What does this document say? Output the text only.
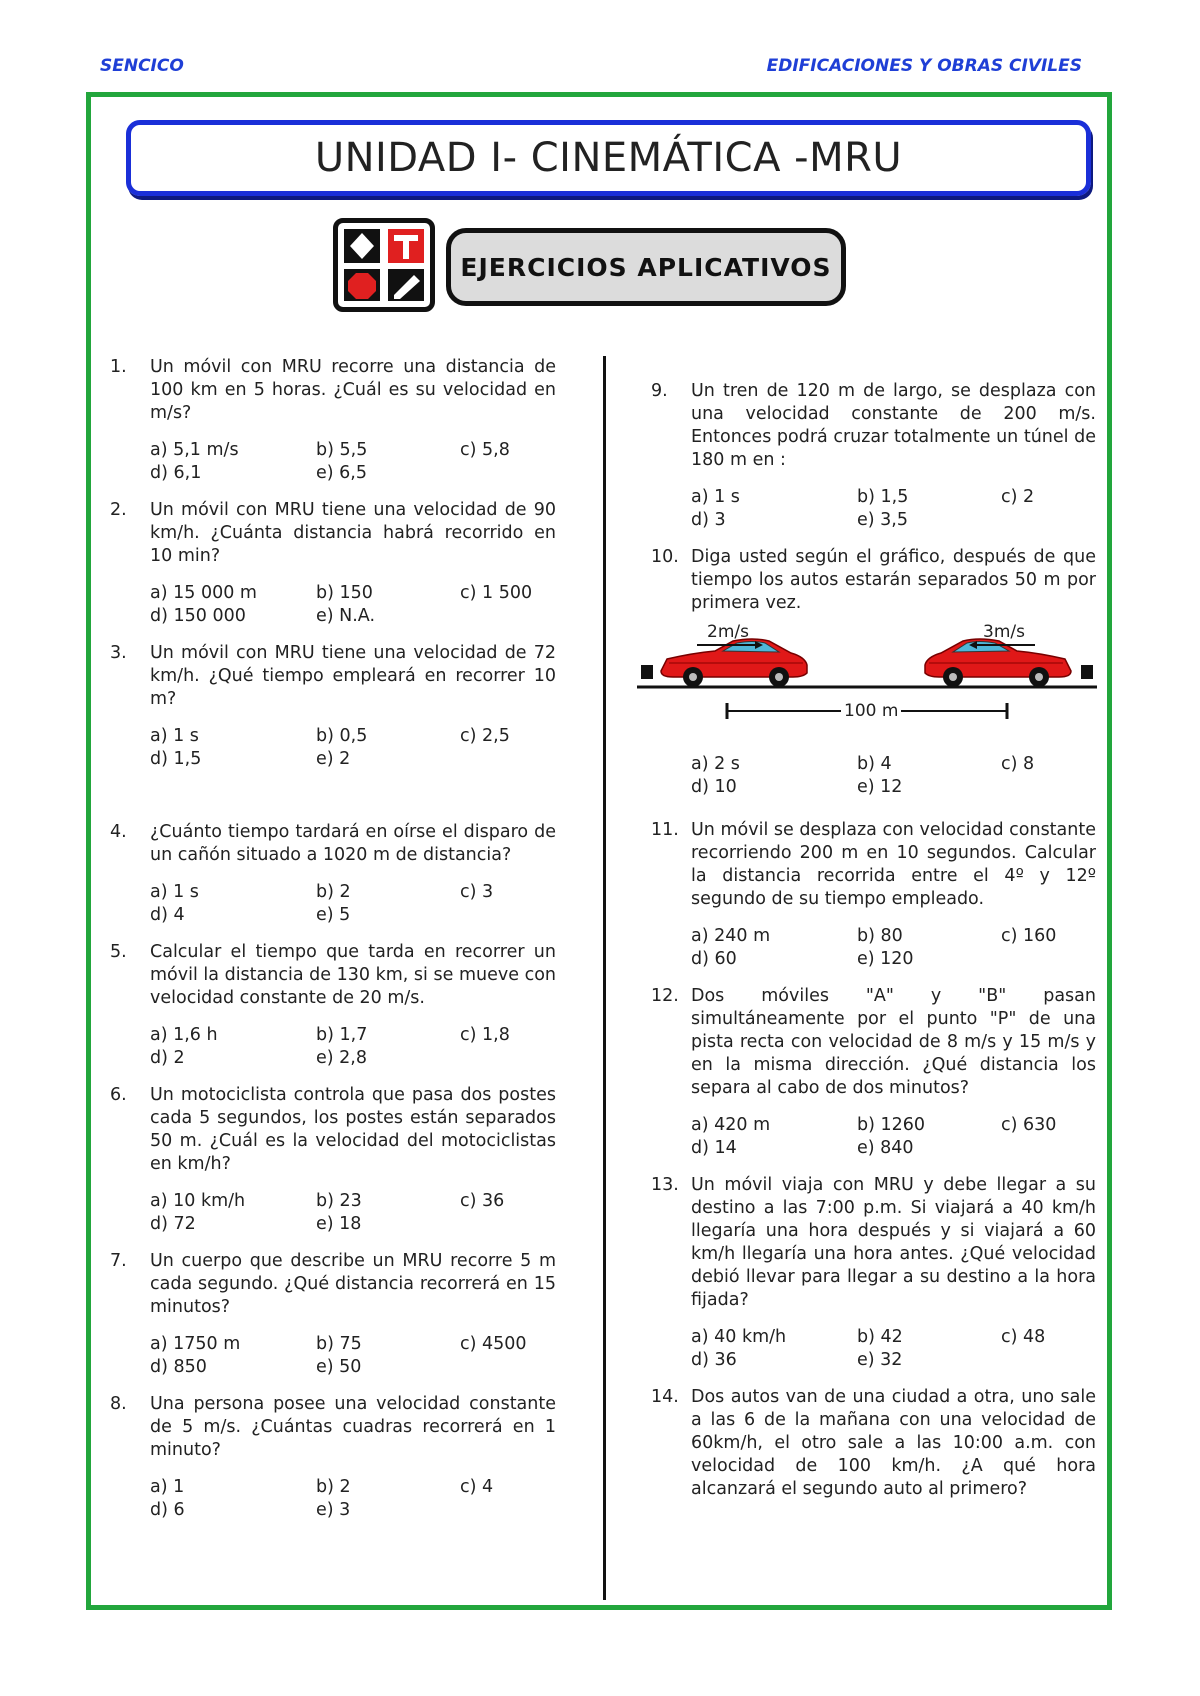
SENCICO	EDIFICACIONES Y OBRAS CIVILES
UNIDAD I- CINEMÁTICA -MRU
EJERCICIOS APLICATIVOS
1.	Un móvil con MRU recorre una distancia de 100 km en 5 horas. ¿Cuál es su velocidad en m/s?
a) 5,1 m/s	b) 5,5	c) 5,8
d) 6,1	e) 6,5
2.	Un móvil con MRU tiene una velocidad de 90 km/h. ¿Cuánta distancia habrá recorrido en 10 min?
a) 15 000 m	b) 150	c) 1 500
d) 150 000	e) N.A.
3.	Un móvil con MRU tiene una velocidad de 72 km/h. ¿Qué tiempo empleará en recorrer 10 m?
a) 1 s	b) 0,5	c) 2,5
d) 1,5	e) 2
4.	¿Cuánto tiempo tardará en oírse el disparo de un cañón situado a 1020 m de distancia?
a) 1 s	b) 2	c) 3
d) 4	e) 5
5.	Calcular el tiempo que tarda en recorrer un móvil la distancia de 130 km, si se mueve con velocidad constante de 20 m/s.
a) 1,6 h	b) 1,7	c) 1,8
d) 2	e) 2,8
6.	Un motociclista controla que pasa dos postes cada 5 segundos, los postes están separados 50 m. ¿Cuál es la velocidad del motociclistas en km/h?
a) 10 km/h	b) 23	c) 36
d) 72	e) 18
7.	Un cuerpo que describe un MRU recorre 5 m cada segundo. ¿Qué distancia recorrerá en 15 minutos?
a) 1750 m	b) 75	c) 4500
d) 850	e) 50
8.	Una persona posee una velocidad constante de 5 m/s. ¿Cuántas cuadras recorrerá en 1 minuto?
a) 1	b) 2	c) 4
d) 6	e) 3
9.	Un tren de 120 m de largo, se desplaza con una velocidad constante de 200 m/s. Entonces podrá cruzar totalmente un túnel de 180 m en :
a) 1 s	b) 1,5	c) 2
d) 3	e) 3,5
10. Diga usted según el gráfico, después de que tiempo los autos estarán separados 50 m por primera vez.
2m/s	3m/s
100 m
a) 2 s	b) 4	c) 8
d) 10	e) 12
11. Un móvil se desplaza con velocidad constante recorriendo 200 m en 10 segundos. Calcular la distancia recorrida entre el 4º y 12º segundo de su tiempo empleado.
a) 240 m	b) 80	c) 160
d) 60	e) 120
12. Dos móviles "A" y "B" pasan simultáneamente por el punto "P" de una pista recta con velocidad de 8 m/s y 15 m/s y en la misma dirección. ¿Qué distancia los separa al cabo de dos minutos?
a) 420 m	b) 1260	c) 630
d) 14	e) 840
13. Un móvil viaja con MRU y debe llegar a su destino a las 7:00 p.m. Si viajará a 40 km/h llegaría una hora después y si viajará a 60 km/h llegaría una hora antes. ¿Qué velocidad debió llevar para llegar a su destino a la hora fijada?
a) 40 km/h	b) 42	c) 48
d) 36	e) 32
14. Dos autos van de una ciudad a otra, uno sale a las 6 de la mañana con una velocidad de 60km/h, el otro sale a las 10:00 a.m. con velocidad de 100 km/h. ¿A qué hora alcanzará el segundo auto al primero?
